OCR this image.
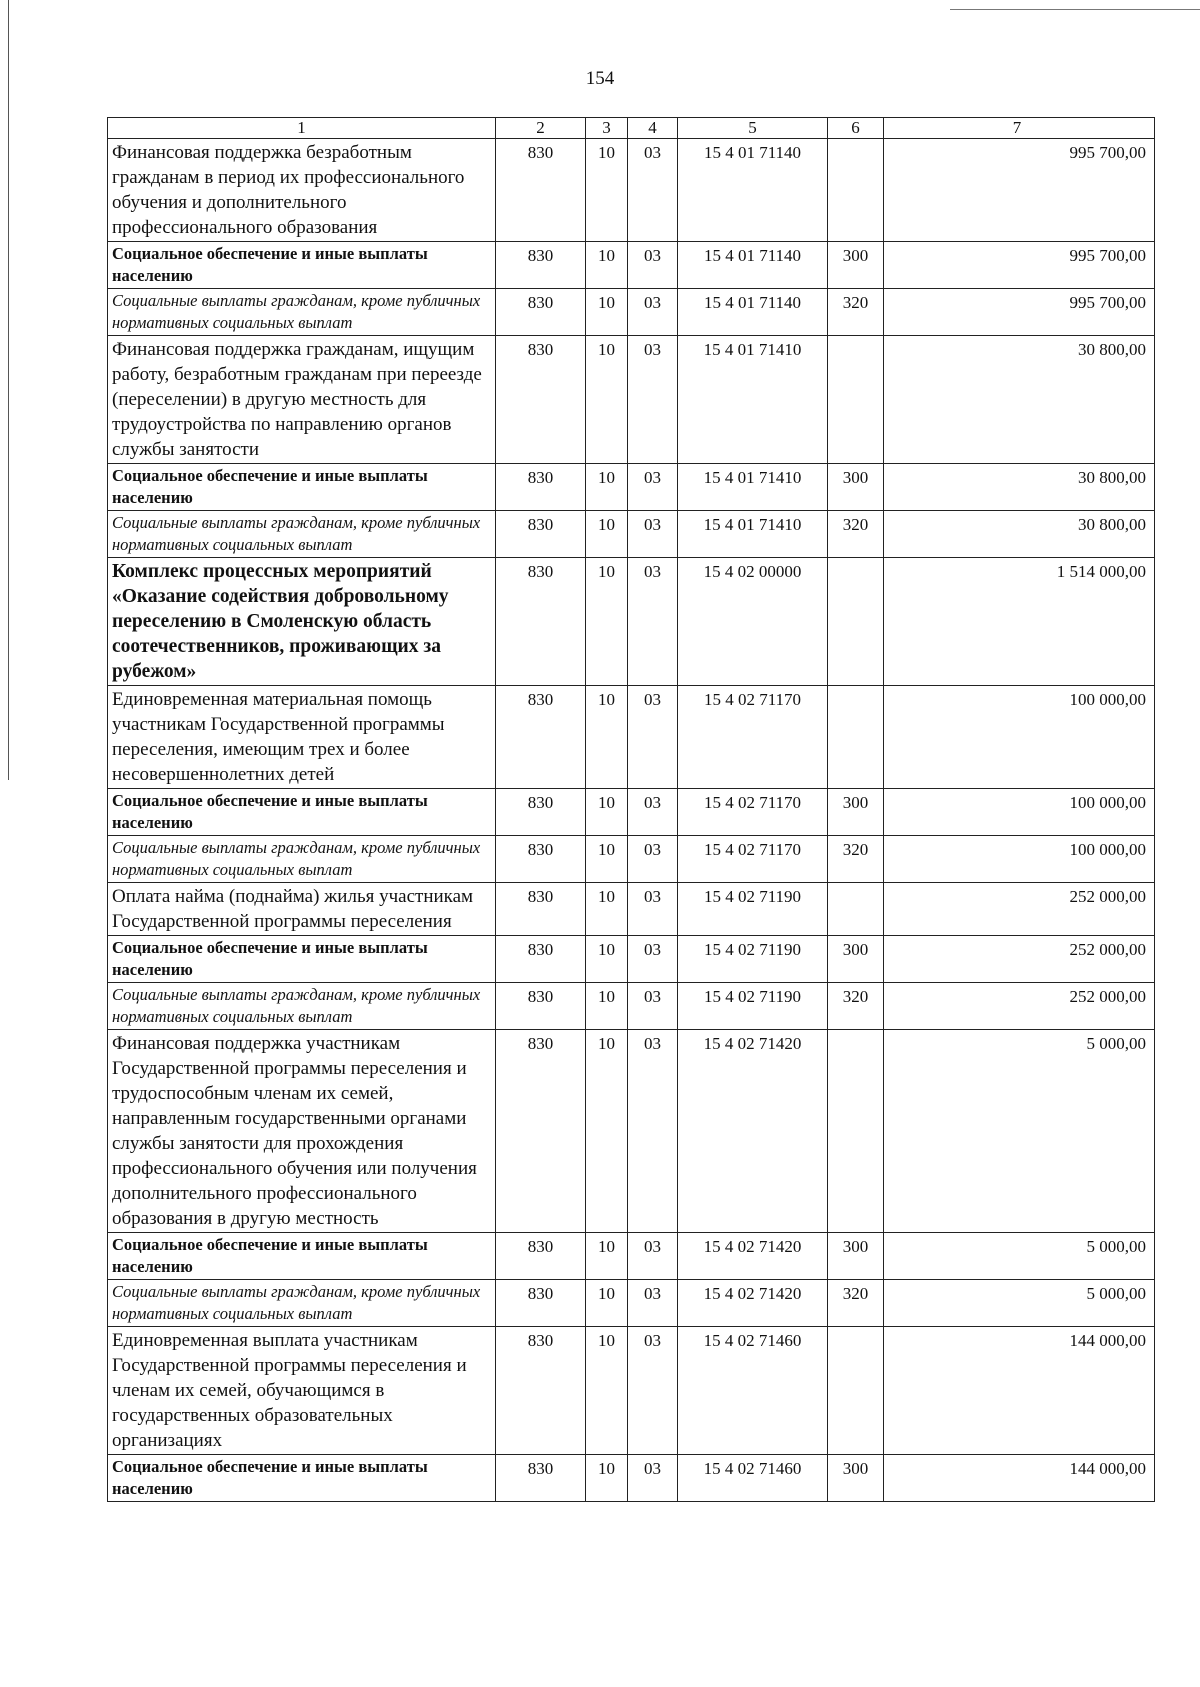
154
1	2	3	4	5	6	7
Финансовая поддержка безработным гражданам в период их профессионального обучения и дополнительного профессионального образования	830	10	03	15 4 01 71140		995 700,00
Социальное обеспечение и иные выплаты населению	830	10	03	15 4 01 71140	300	995 700,00
Социальные выплаты гражданам, кроме публичных нормативных социальных выплат	830	10	03	15 4 01 71140	320	995 700,00
Финансовая поддержка гражданам, ищущим работу, безработным гражданам при переезде (переселении) в другую местность для трудоустройства по направлению органов службы занятости	830	10	03	15 4 01 71410		30 800,00
Социальное обеспечение и иные выплаты населению	830	10	03	15 4 01 71410	300	30 800,00
Социальные выплаты гражданам, кроме публичных нормативных социальных выплат	830	10	03	15 4 01 71410	320	30 800,00
Комплекс процессных мероприятий «Оказание содействия добровольному переселению в Смоленскую область соотечественников, проживающих за рубежом»	830	10	03	15 4 02 00000		1 514 000,00
Единовременная материальная помощь участникам Государственной программы переселения, имеющим трех и более несовершеннолетних детей	830	10	03	15 4 02 71170		100 000,00
Социальное обеспечение и иные выплаты населению	830	10	03	15 4 02 71170	300	100 000,00
Социальные выплаты гражданам, кроме публичных нормативных социальных выплат	830	10	03	15 4 02 71170	320	100 000,00
Оплата найма (поднайма) жилья участникам Государственной программы переселения	830	10	03	15 4 02 71190		252 000,00
Социальное обеспечение и иные выплаты населению	830	10	03	15 4 02 71190	300	252 000,00
Социальные выплаты гражданам, кроме публичных нормативных социальных выплат	830	10	03	15 4 02 71190	320	252 000,00
Финансовая поддержка участникам Государственной программы переселения и трудоспособным членам их семей, направленным государственными органами службы занятости для прохождения профессионального обучения или получения дополнительного профессионального образования в другую местность	830	10	03	15 4 02 71420		5 000,00
Социальное обеспечение и иные выплаты населению	830	10	03	15 4 02 71420	300	5 000,00
Социальные выплаты гражданам, кроме публичных нормативных социальных выплат	830	10	03	15 4 02 71420	320	5 000,00
Единовременная выплата участникам Государственной программы переселения и членам их семей, обучающимся в государственных образовательных организациях	830	10	03	15 4 02 71460		144 000,00
Социальное обеспечение и иные выплаты населению	830	10	03	15 4 02 71460	300	144 000,00
